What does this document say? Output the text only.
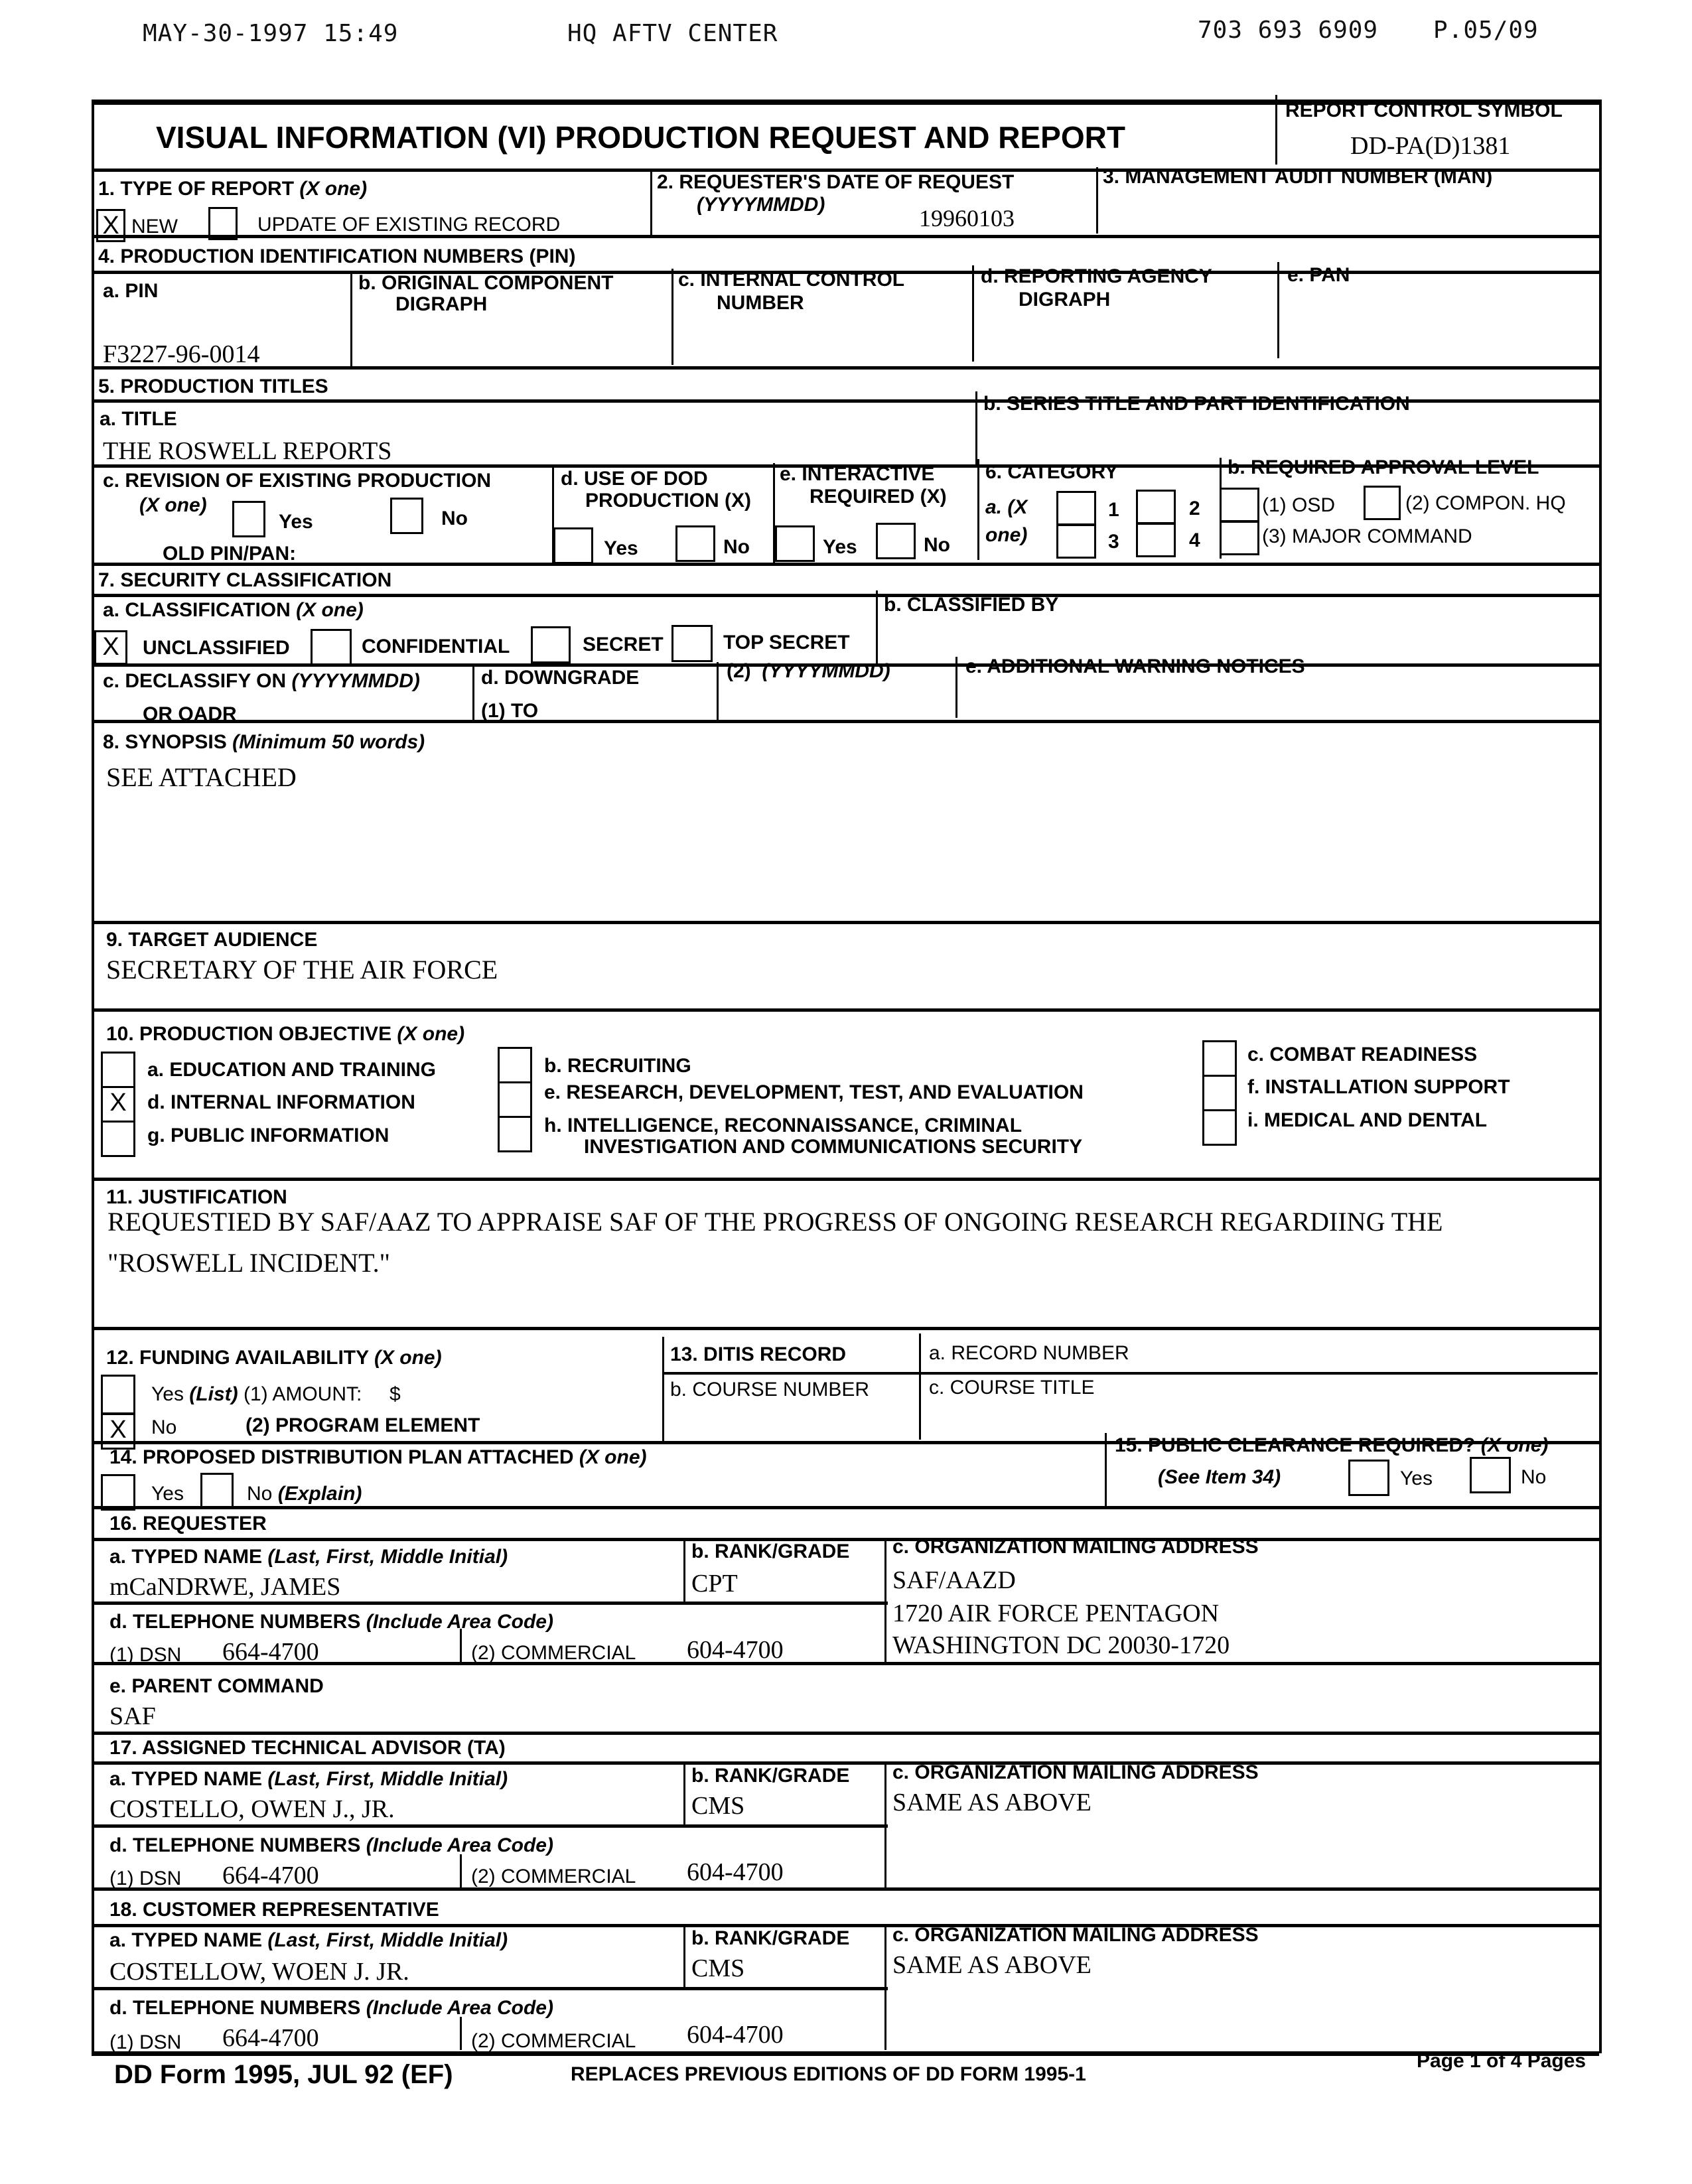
MAY-30-1997 15:49	HQ AFTV CENTER	703 693 6909 P.05/09
VISUAL INFORMATION (VI) PRODUCTION REQUEST AND REPORT
REPORT CONTROL SYMBOL
DD-PA(D)1381
1. TYPE OF REPORT (X one)
X NEW	UPDATE OF EXISTING RECORD
2. REQUESTER'S DATE OF REQUEST
(YYYYMMDD)
19960103
3. MANAGEMENT AUDIT NUMBER (MAN)
4. PRODUCTION IDENTIFICATION NUMBERS (PIN)
a. PIN
F3227-96-0014
b. ORIGINAL COMPONENT
DIGRAPH
c. INTERNAL CONTROL
NUMBER
d. REPORTING AGENCY
DIGRAPH
e. PAN
5. PRODUCTION TITLES
a. TITLE
THE ROSWELL REPORTS
b. SERIES TITLE AND PART IDENTIFICATION
c. REVISION OF EXISTING PRODUCTION
(X one)
Yes	No
OLD PIN/PAN:
d. USE OF DOD
PRODUCTION (X)
Yes	No
e. INTERACTIVE
REQUIRED (X)
Yes	No
6. CATEGORY
a. (X
one)
1	2
3	4
b. REQUIRED APPROVAL LEVEL
(1) OSD	(2) COMPON. HQ
(3) MAJOR COMMAND
7. SECURITY CLASSIFICATION
a. CLASSIFICATION (X one)
X	UNCLASSIFIED	CONFIDENTIAL	SECRET	TOP SECRET
b. CLASSIFIED BY
c. DECLASSIFY ON (YYYYMMDD)
OR OADR
d. DOWNGRADE
(1) TO
(2) (YYYYMMDD)	e. ADDITIONAL WARNING NOTICES
8. SYNOPSIS (Minimum 50 words)
SEE ATTACHED
9. TARGET AUDIENCE
SECRETARY OF THE AIR FORCE
10. PRODUCTION OBJECTIVE (X one)
a. EDUCATION AND TRAINING
X	d. INTERNAL INFORMATION
g. PUBLIC INFORMATION
b. RECRUITING
e. RESEARCH, DEVELOPMENT, TEST, AND EVALUATION
h. INTELLIGENCE, RECONNAISSANCE, CRIMINAL
INVESTIGATION AND COMMUNICATIONS SECURITY
c. COMBAT READINESS
f. INSTALLATION SUPPORT
i. MEDICAL AND DENTAL
11. JUSTIFICATION
REQUESTIED BY SAF/AAZ TO APPRAISE SAF OF THE PROGRESS OF ONGOING RESEARCH REGARDIING THE
"ROSWELL INCIDENT."
12. FUNDING AVAILABILITY (X one)
Yes (List) (1) AMOUNT: $
X	No	(2) PROGRAM ELEMENT
13. DITIS RECORD
b. COURSE NUMBER
a. RECORD NUMBER
c. COURSE TITLE
14. PROPOSED DISTRIBUTION PLAN ATTACHED (X one)
Yes	No (Explain)
15. PUBLIC CLEARANCE REQUIRED? (X one)
(See Item 34)	Yes	No
16. REQUESTER
a. TYPED NAME (Last, First, Middle Initial)
mCaNDRWE, JAMES
b. RANK/GRADE
CPT
c. ORGANIZATION MAILING ADDRESS
SAF/AAZD
1720 AIR FORCE PENTAGON
WASHINGTON DC 20030-1720
d. TELEPHONE NUMBERS (Include Area Code)
(1) DSN 664-4700	(2) COMMERCIAL 604-4700
e. PARENT COMMAND
SAF
17. ASSIGNED TECHNICAL ADVISOR (TA)
a. TYPED NAME (Last, First, Middle Initial)
COSTELLO, OWEN J., JR.
b. RANK/GRADE
CMS
c. ORGANIZATION MAILING ADDRESS
SAME AS ABOVE
d. TELEPHONE NUMBERS (Include Area Code)
(1) DSN 664-4700	(2) COMMERCIAL 604-4700
18. CUSTOMER REPRESENTATIVE
a. TYPED NAME (Last, First, Middle Initial)
COSTELLOW, WOEN J. JR.
b. RANK/GRADE
CMS
c. ORGANIZATION MAILING ADDRESS
SAME AS ABOVE
d. TELEPHONE NUMBERS (Include Area Code)
(1) DSN 664-4700	(2) COMMERCIAL 604-4700
DD Form 1995, JUL 92 (EF)	REPLACES PREVIOUS EDITIONS OF DD FORM 1995-1
Page 1 of 4 Pages
